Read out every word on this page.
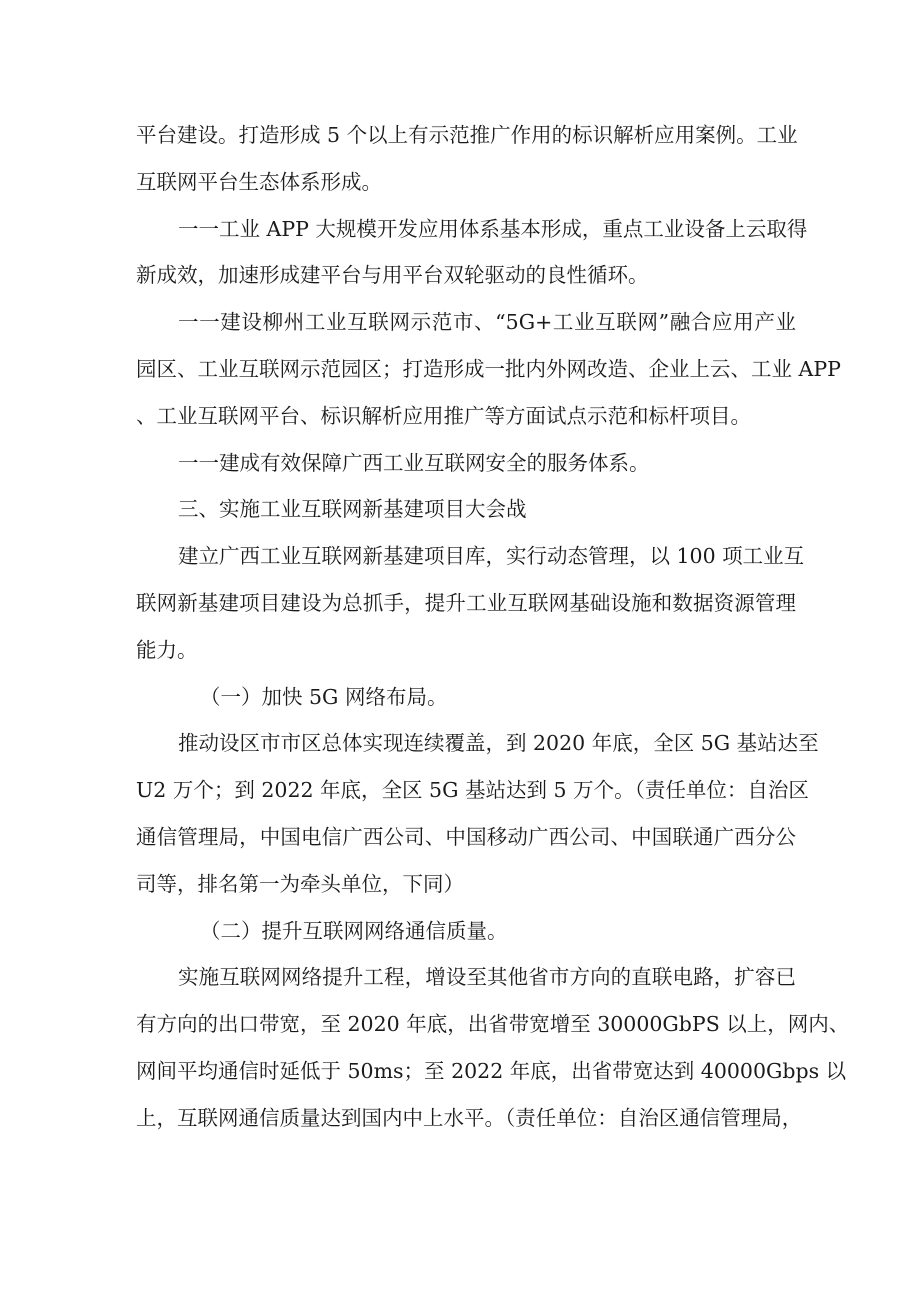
平台建设。打造形成 5 个以上有示范推广作用的标识解析应用案例。工业
互联网平台生态体系形成。
一一工业 APP 大规模开发应用体系基本形成，重点工业设备上云取得
新成效，加速形成建平台与用平台双轮驱动的良性循环。
一一建设柳州工业互联网示范市、“5G+工业互联网”融合应用产业
园区、工业互联网示范园区；打造形成一批内外网改造、企业上云、工业 APP
、工业互联网平台、标识解析应用推广等方面试点示范和标杆项目。
一一建成有效保障广西工业互联网安全的服务体系。
三、实施工业互联网新基建项目大会战
建立广西工业互联网新基建项目库，实行动态管理，以 100 项工业互
联网新基建项目建设为总抓手，提升工业互联网基础设施和数据资源管理
能力。
（一）加快 5G 网络布局。
推动设区市市区总体实现连续覆盖，到 2020 年底，全区 5G 基站达至
U2 万个；到 2022 年底，全区 5G 基站达到 5 万个。（责任单位：自治区
通信管理局，中国电信广西公司、中国移动广西公司、中国联通广西分公
司等，排名第一为牵头单位，下同）
（二）提升互联网网络通信质量。
实施互联网网络提升工程，增设至其他省市方向的直联电路，扩容已
有方向的出口带宽，至 2020 年底，出省带宽增至 30000GbPS 以上，网内、
网间平均通信时延低于 50ms；至 2022 年底，出省带宽达到 40000Gbps 以
上，互联网通信质量达到国内中上水平。（责任单位：自治区通信管理局，
